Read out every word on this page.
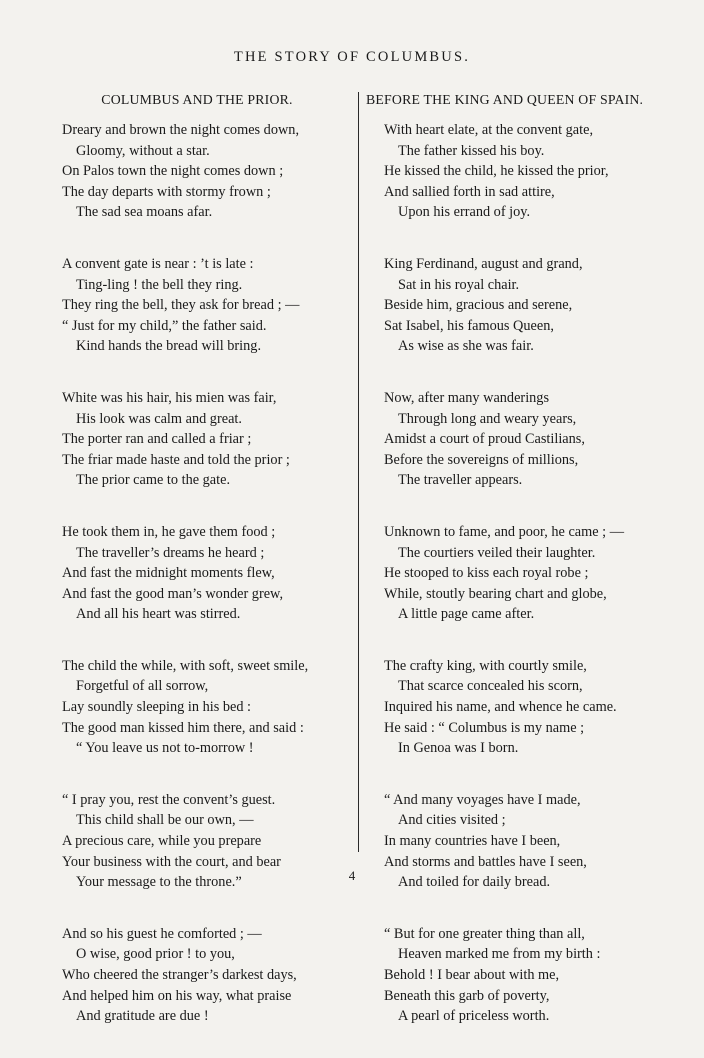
THE STORY OF COLUMBUS.
COLUMBUS AND THE PRIOR.
Dreary and brown the night comes down,
Gloomy, without a star.
On Palos town the night comes down ;
The day departs with stormy frown ;
The sad sea moans afar.
A convent gate is near : ’t is late :
Ting-ling ! the bell they ring.
They ring the bell, they ask for bread ; —
“ Just for my child,” the father said.
Kind hands the bread will bring.
White was his hair, his mien was fair,
His look was calm and great.
The porter ran and called a friar ;
The friar made haste and told the prior ;
The prior came to the gate.
He took them in, he gave them food ;
The traveller’s dreams he heard ;
And fast the midnight moments flew,
And fast the good man’s wonder grew,
And all his heart was stirred.
The child the while, with soft, sweet smile,
Forgetful of all sorrow,
Lay soundly sleeping in his bed :
The good man kissed him there, and said :
“ You leave us not to-morrow !
“ I pray you, rest the convent’s guest.
This child shall be our own, —
A precious care, while you prepare
Your business with the court, and bear
Your message to the throne.”
And so his guest he comforted ; —
O wise, good prior ! to you,
Who cheered the stranger’s darkest days,
And helped him on his way, what praise
And gratitude are due !
BEFORE THE KING AND QUEEN OF SPAIN.
With heart elate, at the convent gate,
The father kissed his boy.
He kissed the child, he kissed the prior,
And sallied forth in sad attire,
Upon his errand of joy.
King Ferdinand, august and grand,
Sat in his royal chair.
Beside him, gracious and serene,
Sat Isabel, his famous Queen,
As wise as she was fair.
Now, after many wanderings
Through long and weary years,
Amidst a court of proud Castilians,
Before the sovereigns of millions,
The traveller appears.
Unknown to fame, and poor, he came ; —
The courtiers veiled their laughter.
He stooped to kiss each royal robe ;
While, stoutly bearing chart and globe,
A little page came after.
The crafty king, with courtly smile,
That scarce concealed his scorn,
Inquired his name, and whence he came.
He said : “ Columbus is my name ;
In Genoa was I born.
“ And many voyages have I made,
And cities visited ;
In many countries have I been,
And storms and battles have I seen,
And toiled for daily bread.
“ But for one greater thing than all,
Heaven marked me from my birth :
Behold ! I bear about with me,
Beneath this garb of poverty,
A pearl of priceless worth.
4
